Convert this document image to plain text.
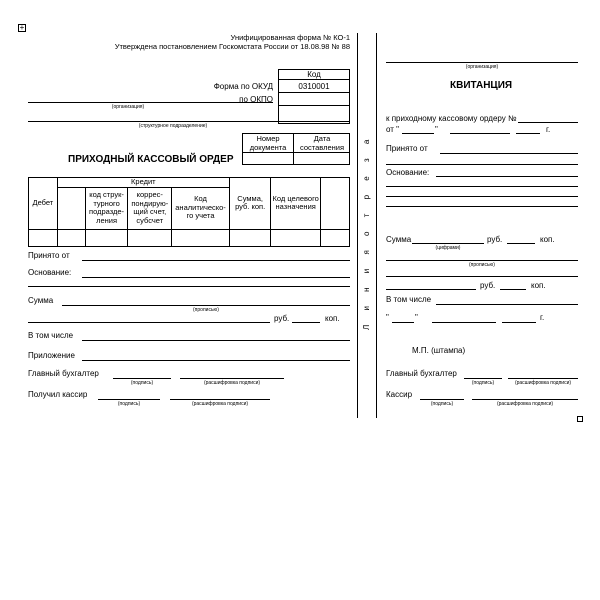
+
Унифицированная форма № КО-1
Утверждена постановлением Госкомстата России от 18.08.98 № 88
Код
Форма по ОКУД	0310001
по ОКПО
(организация)
(структурное подразделение)
Номер документа
Дата составления
ПРИХОДНЫЙ КАССОВЫЙ ОРДЕР
Дебет	Кредит				Сумма, руб. коп.	Код целевого назначения	
		код струк- турного подразде- ления	коррес- пондирую- щий счет, субсчет	Код аналитическо- го учета			

Принято от
Основание:
Сумма
(прописью)
руб.	коп.
В том числе
Приложение
Главный бухгалтер
(подпись)	(расшифровка подписи)
Получил кассир
(подпись)	(расшифровка подписи)
Л и н и я о т р е з а
(организация)
КВИТАНЦИЯ
к приходному кассовому ордеру №
от "	"	г.
Принято от
Основание:
Сумма
(цифрами)
руб.	коп.
(прописью)
руб.	коп.
В том числе
"	"	г.
М.П. (штампа)
Главный бухгалтер
(подпись)	(расшифровка подписи)
Кассир
(подпись)	(расшифровка подписи)
